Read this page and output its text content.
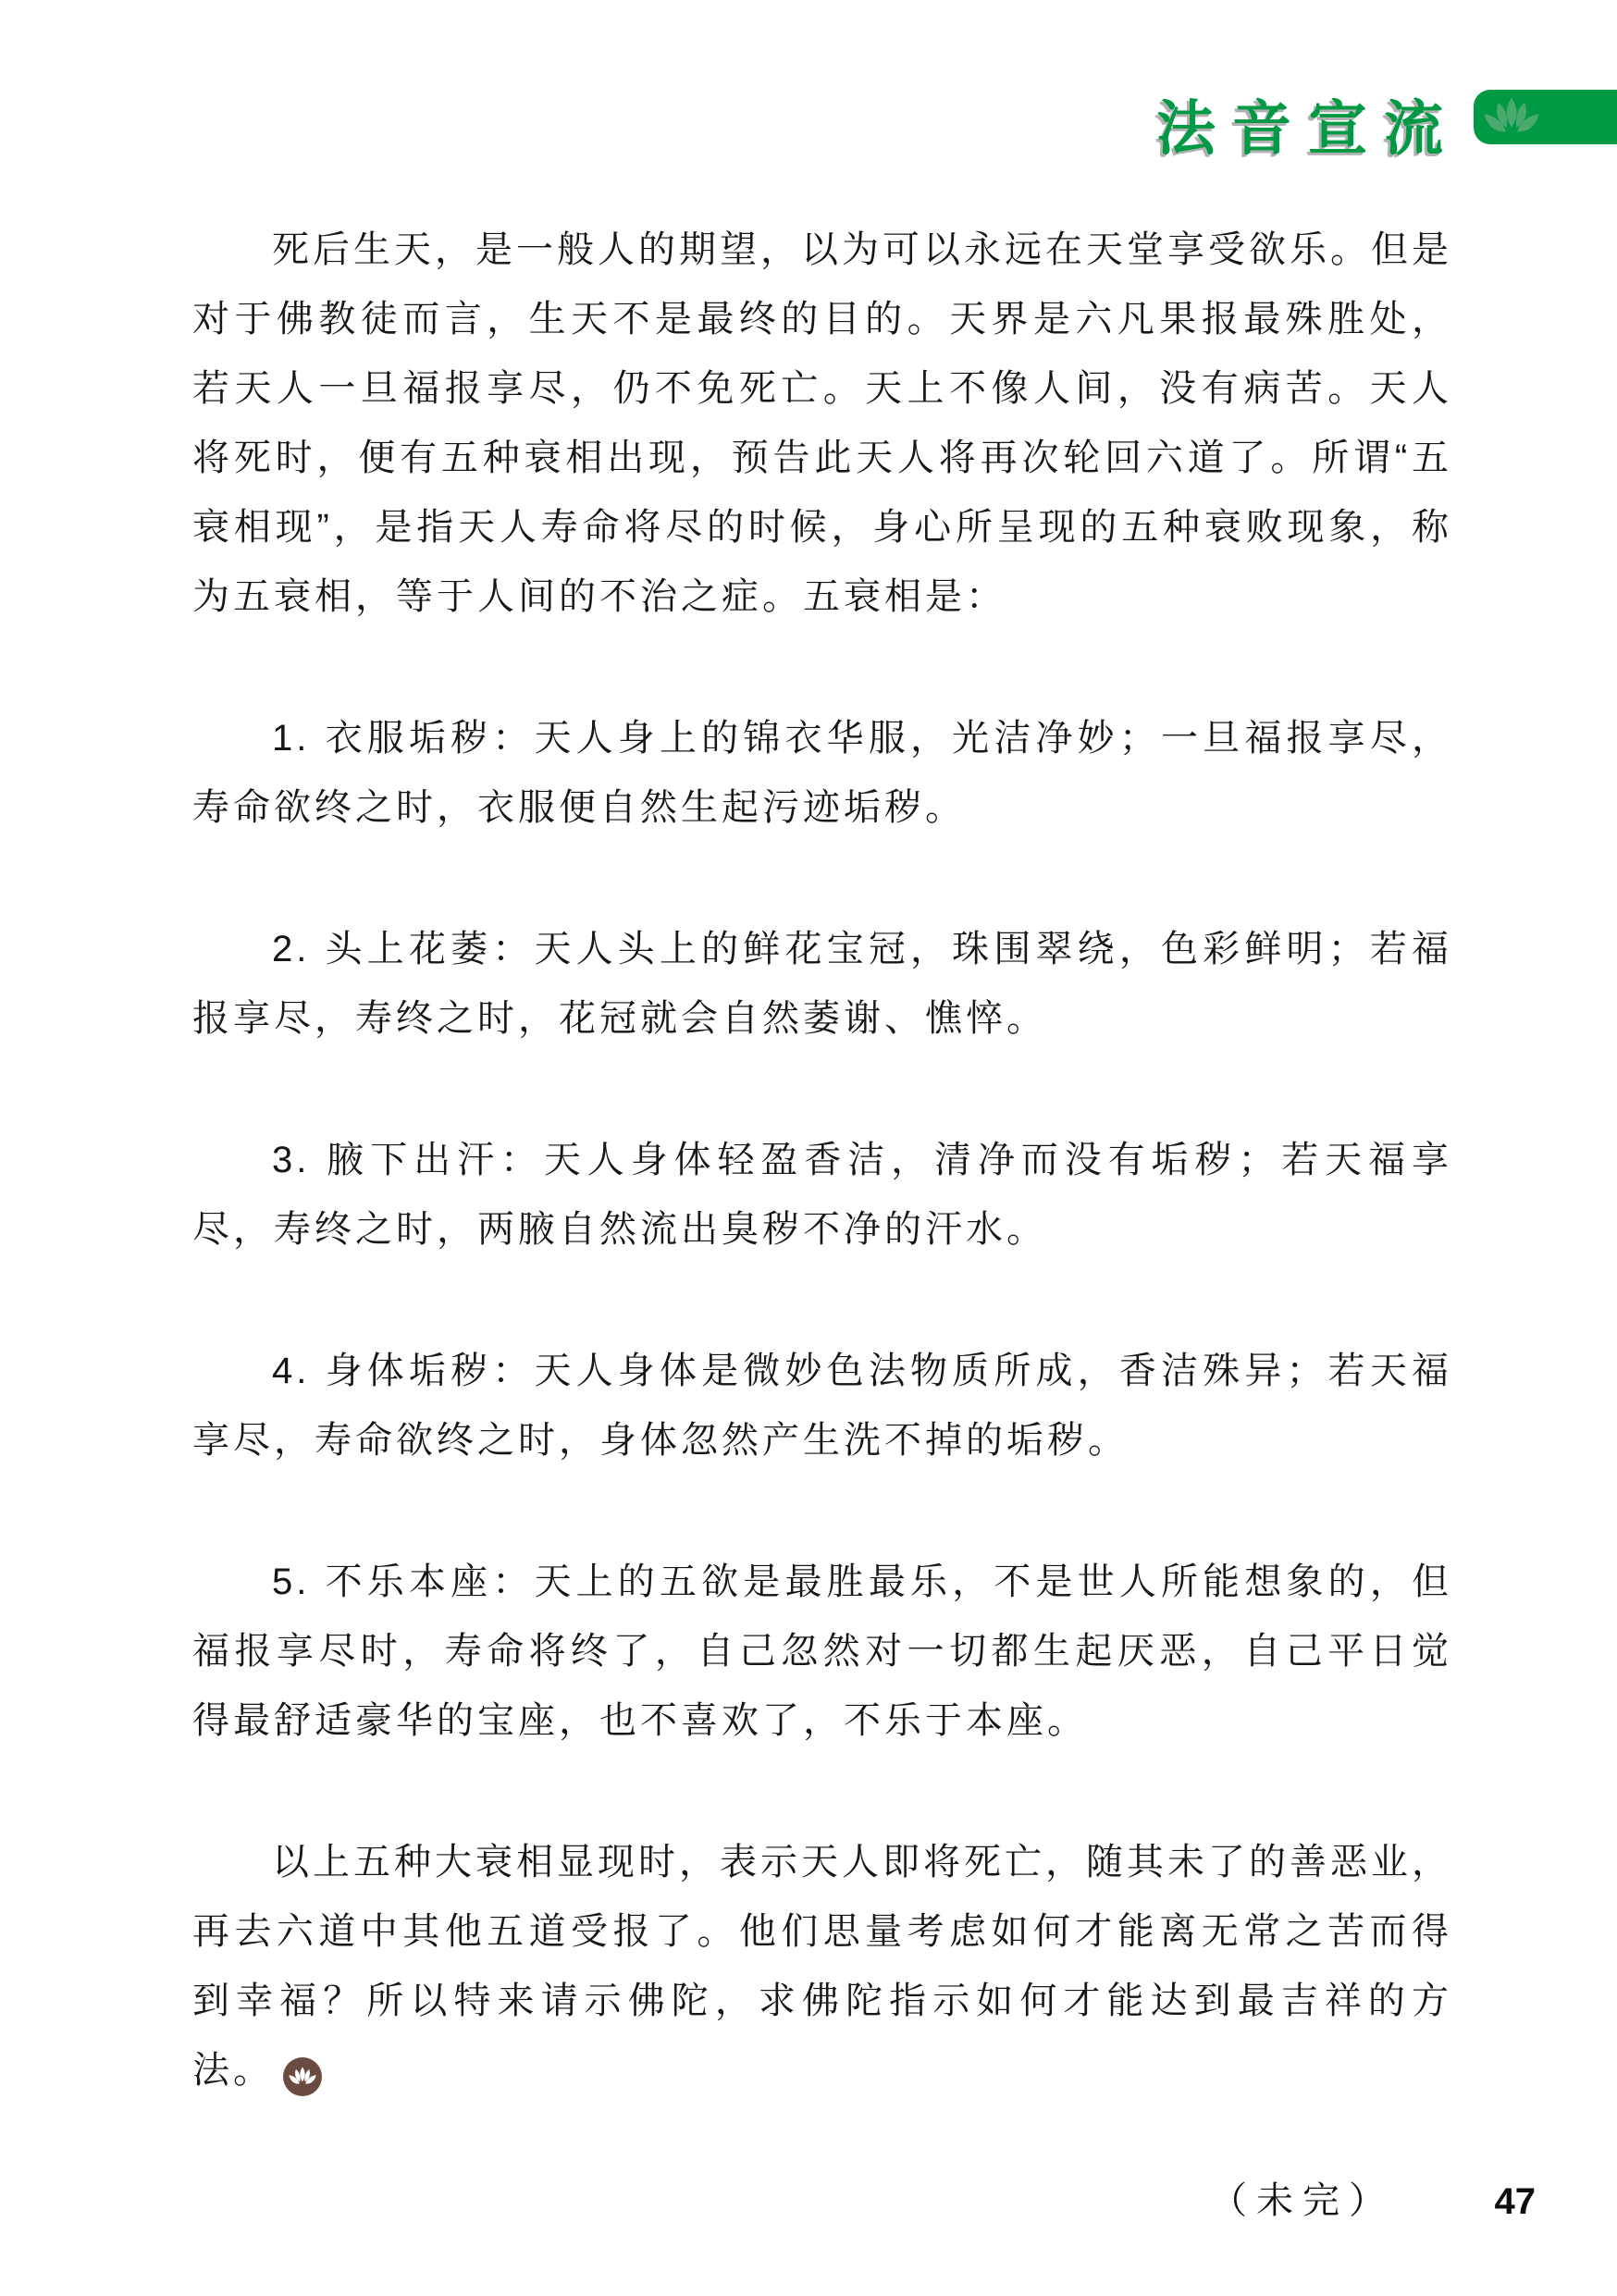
法音宣流

死后生天，是一般人的期望，以为可以永远在天堂享受欲乐。但是对于佛教徒而言，生天不是最终的目的。天界是六凡果报最殊胜处，若天人一旦福报享尽，仍不免死亡。天上不像人间，没有病苦。天人将死时，便有五种衰相出现，预告此天人将再次轮回六道了。所谓“五衰相现”，是指天人寿命将尽的时候，身心所呈现的五种衰败现象，称为五衰相，等于人间的不治之症。五衰相是：

1. 衣服垢秽：天人身上的锦衣华服，光洁净妙；一旦福报享尽，寿命欲终之时，衣服便自然生起污迹垢秽。

2. 头上花萎：天人头上的鲜花宝冠，珠围翠绕，色彩鲜明；若福报享尽，寿终之时，花冠就会自然萎谢、憔悴。

3. 腋下出汗：天人身体轻盈香洁，清净而没有垢秽；若天福享尽，寿终之时，两腋自然流出臭秽不净的汗水。

4. 身体垢秽：天人身体是微妙色法物质所成，香洁殊异；若天福享尽，寿命欲终之时，身体忽然产生洗不掉的垢秽。

5. 不乐本座：天上的五欲是最胜最乐，不是世人所能想象的，但福报享尽时，寿命将终了，自己忽然对一切都生起厌恶，自己平日觉得最舒适豪华的宝座，也不喜欢了，不乐于本座。

以上五种大衰相显现时，表示天人即将死亡，随其未了的善恶业，再去六道中其他五道受报了。他们思量考虑如何才能离无常之苦而得到幸福？所以特来请示佛陀，求佛陀指示如何才能达到最吉祥的方法。

（未完）	47
